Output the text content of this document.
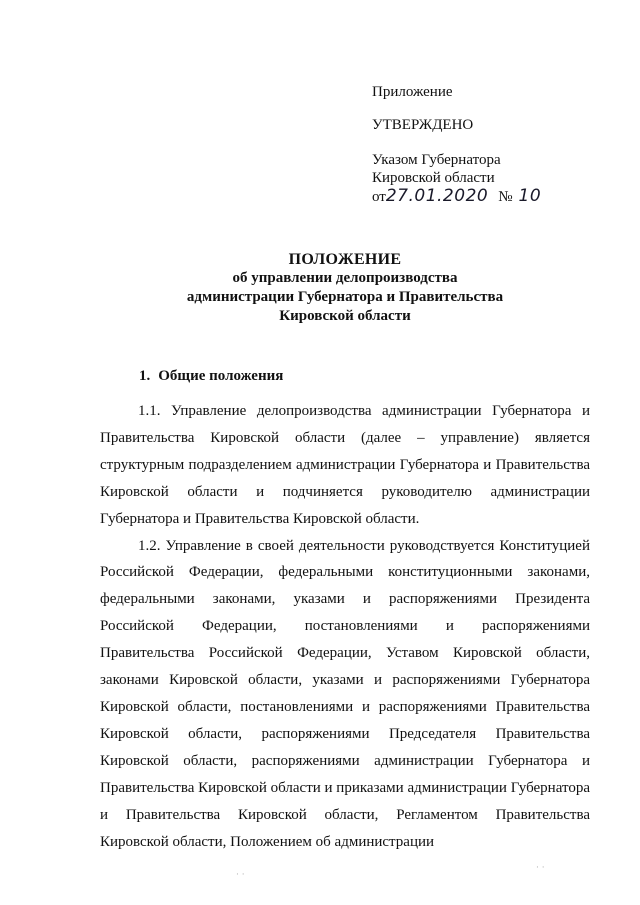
Приложение
УТВЕРЖДЕНО
Указом Губернатора
Кировской области
от27.01.2020 № 10
ПОЛОЖЕНИЕ
об управлении делопроизводства
администрации Губернатора и Правительства
Кировской области
1. Общие положения

1.1. Управление делопроизводства администрации Губернатора и Правительства Кировской области (далее – управление) является структурным подразделением администрации Губернатора и Правительства Кировской области и подчиняется руководителю администрации Губернатора и Правительства Кировской области.

1.2. Управление в своей деятельности руководствуется Конституцией Российской Федерации, федеральными конституционными законами, федеральными законами, указами и распоряжениями Президента Российской Федерации, постановлениями и распоряжениями Правительства Российской Федерации, Уставом Кировской области, законами Кировской области, указами и распоряжениями Губернатора Кировской области, постановлениями и распоряжениями Правительства Кировской области, распоряжениями Председателя Правительства Кировской области, распоряжениями администрации Губернатора и Правительства Кировской области и приказами администрации Губернатора и Правительства Кировской области, Регламентом Правительства Кировской области, Положением об администрации

· ·
· ·
